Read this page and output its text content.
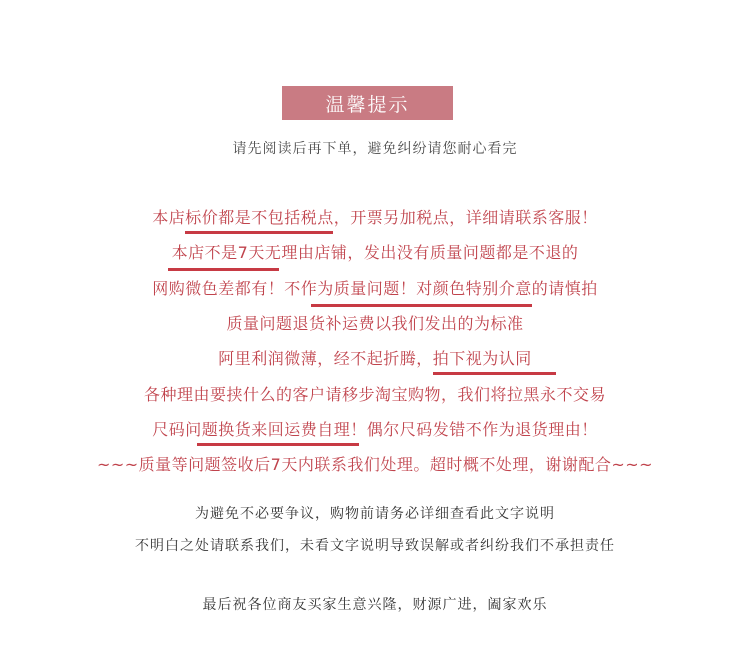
温馨提示
请先阅读后再下单，避免纠纷请您耐心看完
本店标价都是不包括税点，开票另加税点，详细请联系客服！
本店不是7天无理由店铺，发出没有质量问题都是不退的
网购微色差都有！不作为质量问题！对颜色特别介意的请慎拍
质量问题退货补运费以我们发出的为标准
阿里利润微薄，经不起折腾，拍下视为认同
各种理由要挟什么的客户请移步淘宝购物，我们将拉黑永不交易
尺码问题换货来回运费自理！偶尔尺码发错不作为退货理由！
~~~质量等问题签收后7天内联系我们处理。超时概不处理，谢谢配合~~~
为避免不必要争议，购物前请务必详细查看此文字说明
不明白之处请联系我们，未看文字说明导致误解或者纠纷我们不承担责任
最后祝各位商友买家生意兴隆，财源广进，阖家欢乐
